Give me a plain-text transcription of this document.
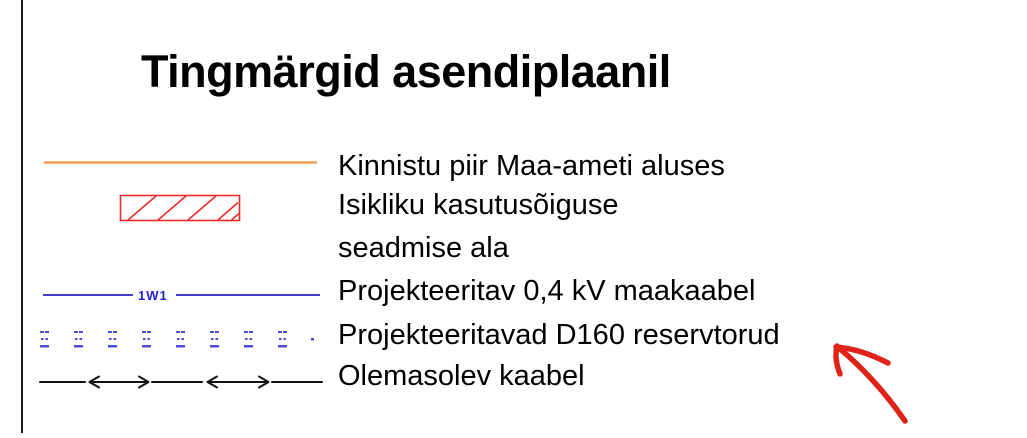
1W1
Tingmärgid asendiplaanil
Kinnistu piir Maa-ameti aluses
Isikliku kasutusõiguse
seadmise ala
Projekteeritav 0,4 kV maakaabel
Projekteeritavad D160 reservtorud
Olemasolev kaabel
